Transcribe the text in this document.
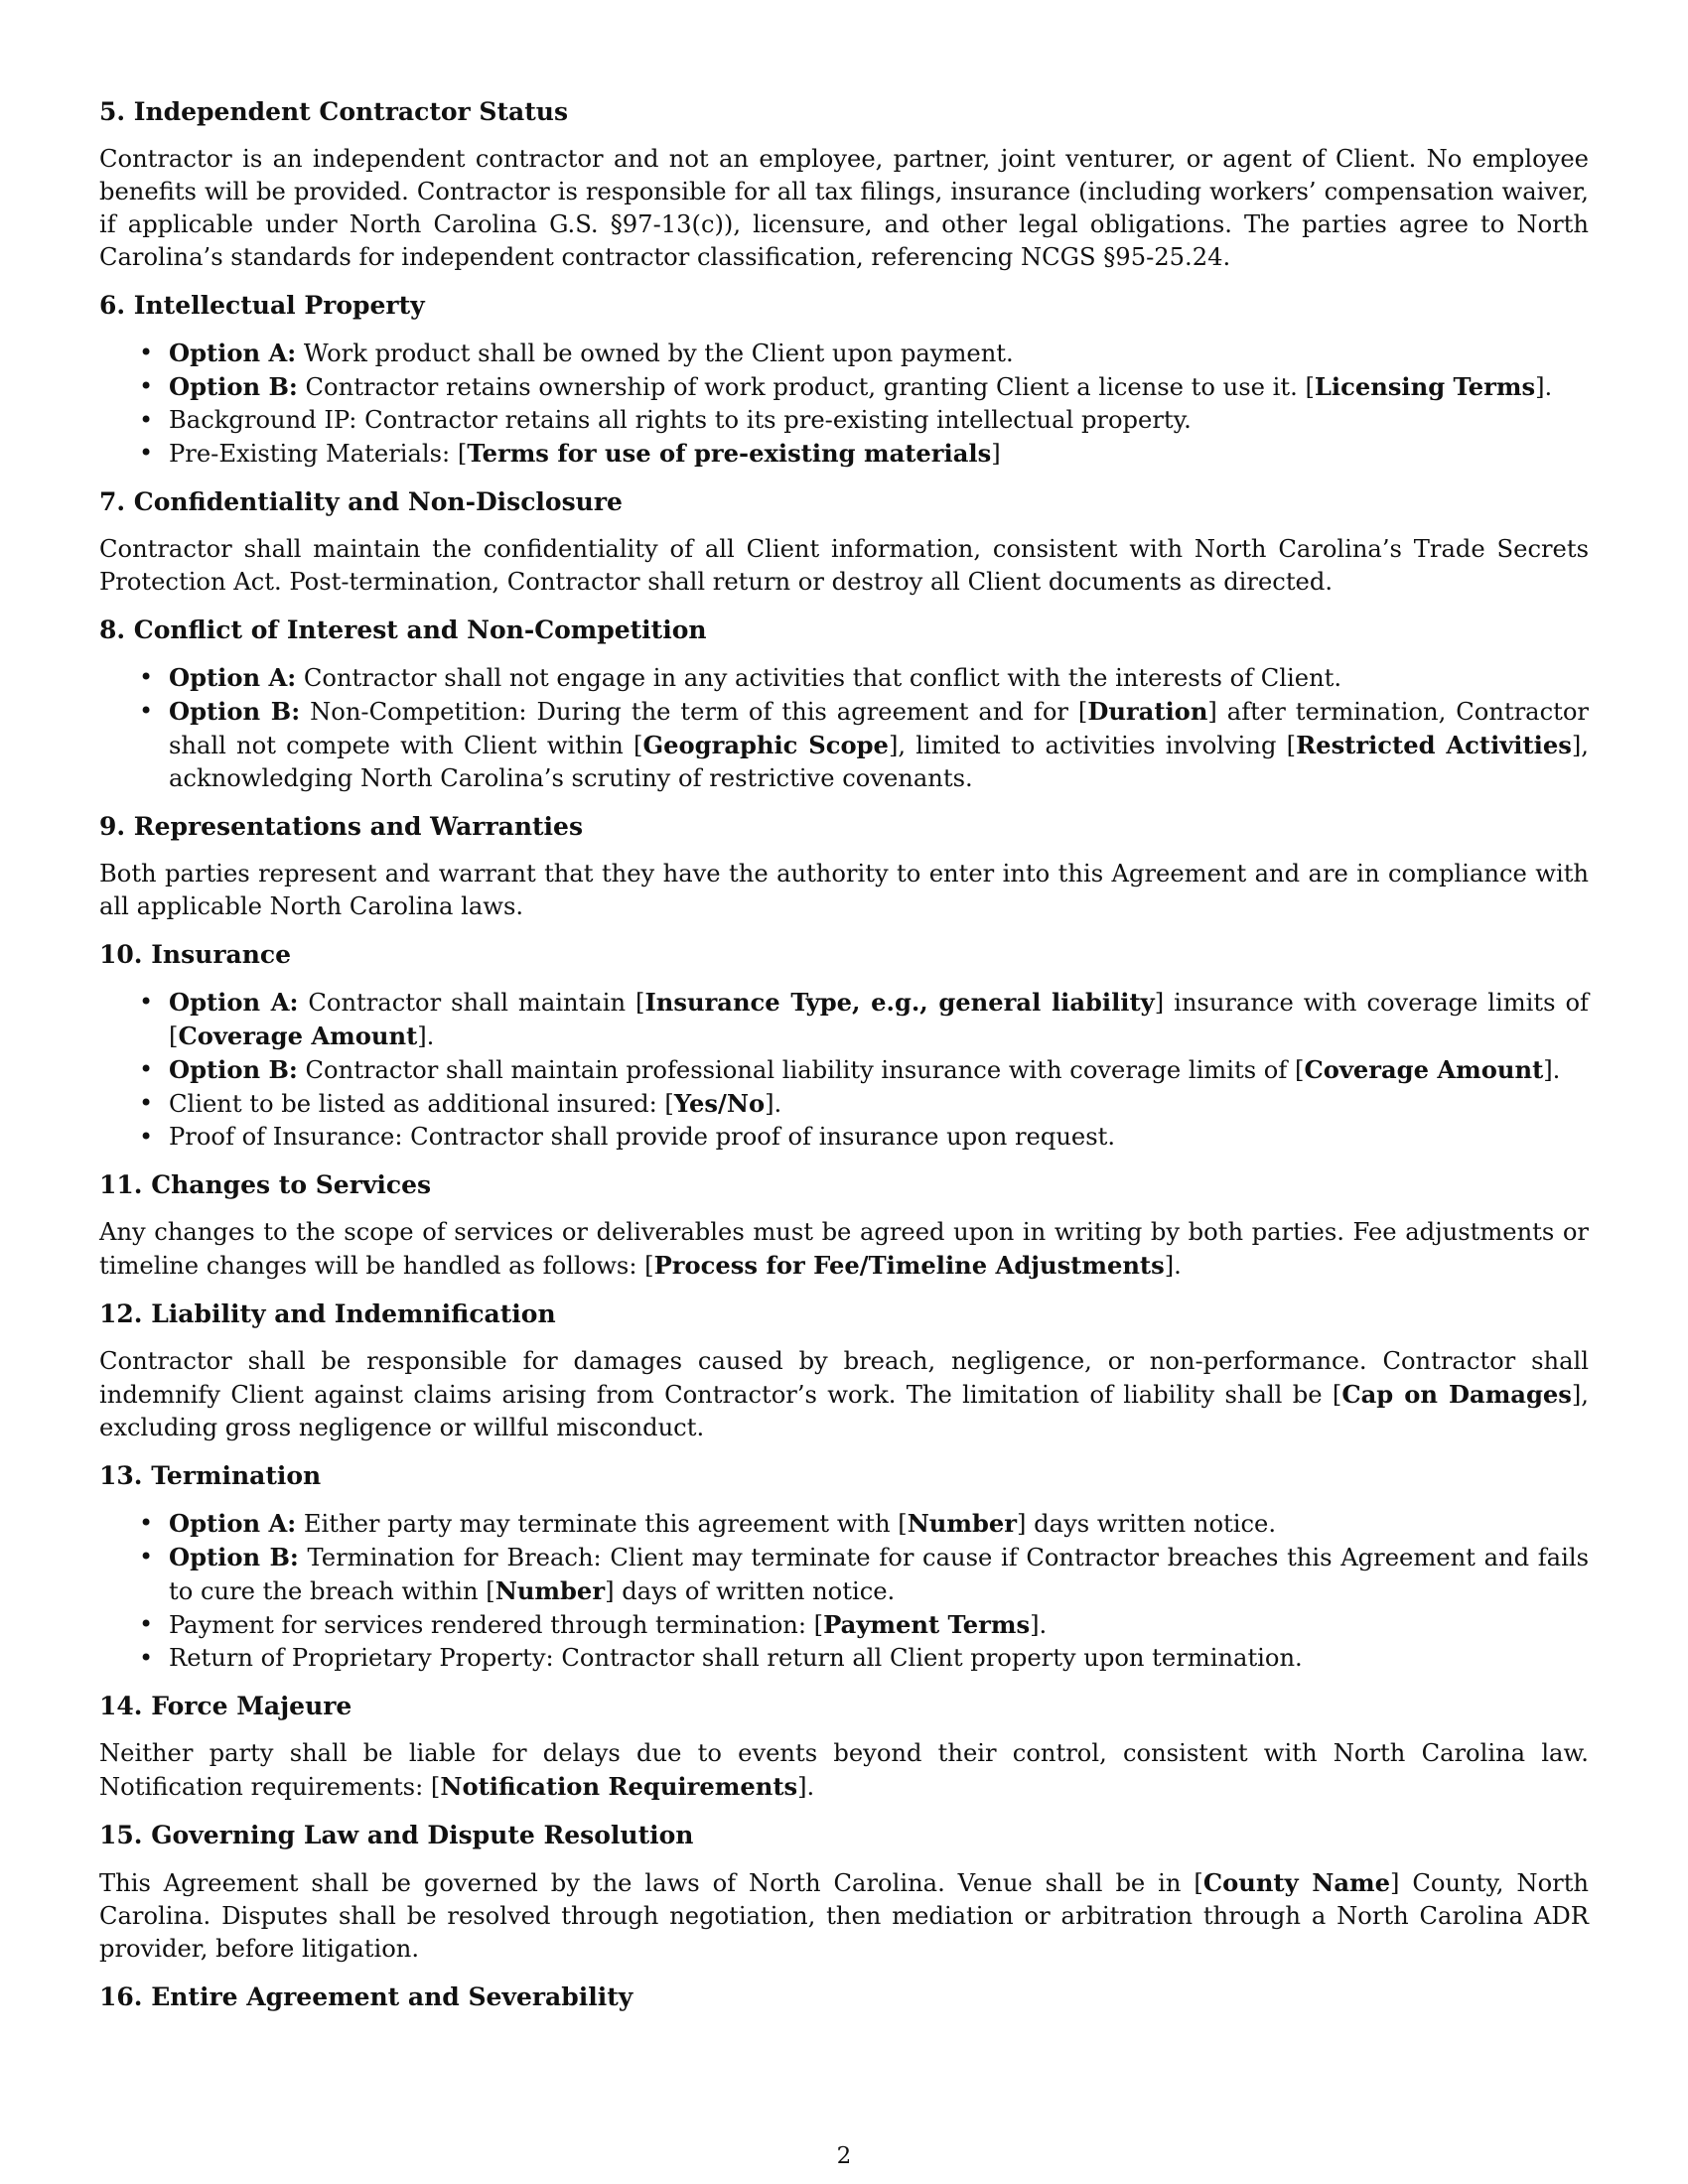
5. Independent Contractor Status

Contractor is an independent contractor and not an employee, partner, joint venturer, or agent of Client. No employee benefits will be provided. Contractor is responsible for all tax filings, insurance (including workers’ compensation waiver, if applicable under North Carolina G.S. §97-13(c)), licensure, and other legal obligations. The parties agree to North Carolina’s standards for independent contractor classification, referencing NCGS §95-25.24.

6. Intellectual Property
• Option A: Work product shall be owned by the Client upon payment.
• Option B: Contractor retains ownership of work product, granting Client a license to use it. [Licensing Terms].
• Background IP: Contractor retains all rights to its pre-existing intellectual property.
• Pre-Existing Materials: [Terms for use of pre-existing materials]
7. Confidentiality and Non-Disclosure

Contractor shall maintain the confidentiality of all Client information, consistent with North Carolina’s Trade Secrets Protection Act. Post-termination, Contractor shall return or destroy all Client documents as directed.

8. Conflict of Interest and Non-Competition
• Option A: Contractor shall not engage in any activities that conflict with the interests of Client.
• Option B: Non-Competition: During the term of this agreement and for [Duration] after termination, Contractor shall not compete with Client within [Geographic Scope], limited to activities involving [Restricted Activities], acknowledging North Carolina’s scrutiny of restrictive covenants.
9. Representations and Warranties

Both parties represent and warrant that they have the authority to enter into this Agreement and are in compliance with all applicable North Carolina laws.

10. Insurance
• Option A: Contractor shall maintain [Insurance Type, e.g., general liability] insurance with coverage limits of [Coverage Amount].
• Option B: Contractor shall maintain professional liability insurance with coverage limits of [Coverage Amount].
• Client to be listed as additional insured: [Yes/No].
• Proof of Insurance: Contractor shall provide proof of insurance upon request.
11. Changes to Services

Any changes to the scope of services or deliverables must be agreed upon in writing by both parties. Fee adjustments or timeline changes will be handled as follows: [Process for Fee/Timeline Adjustments].

12. Liability and Indemnification

Contractor shall be responsible for damages caused by breach, negligence, or non-performance. Contractor shall indemnify Client against claims arising from Contractor’s work. The limitation of liability shall be [Cap on Damages], excluding gross negligence or willful misconduct.

13. Termination
• Option A: Either party may terminate this agreement with [Number] days written notice.
• Option B: Termination for Breach: Client may terminate for cause if Contractor breaches this Agreement and fails to cure the breach within [Number] days of written notice.
• Payment for services rendered through termination: [Payment Terms].
• Return of Proprietary Property: Contractor shall return all Client property upon termination.
14. Force Majeure

Neither party shall be liable for delays due to events beyond their control, consistent with North Carolina law. Notification requirements: [Notification Requirements].

15. Governing Law and Dispute Resolution

This Agreement shall be governed by the laws of North Carolina. Venue shall be in [County Name] County, North Carolina. Disputes shall be resolved through negotiation, then mediation or arbitration through a North Carolina ADR provider, before litigation.

16. Entire Agreement and Severability
2
